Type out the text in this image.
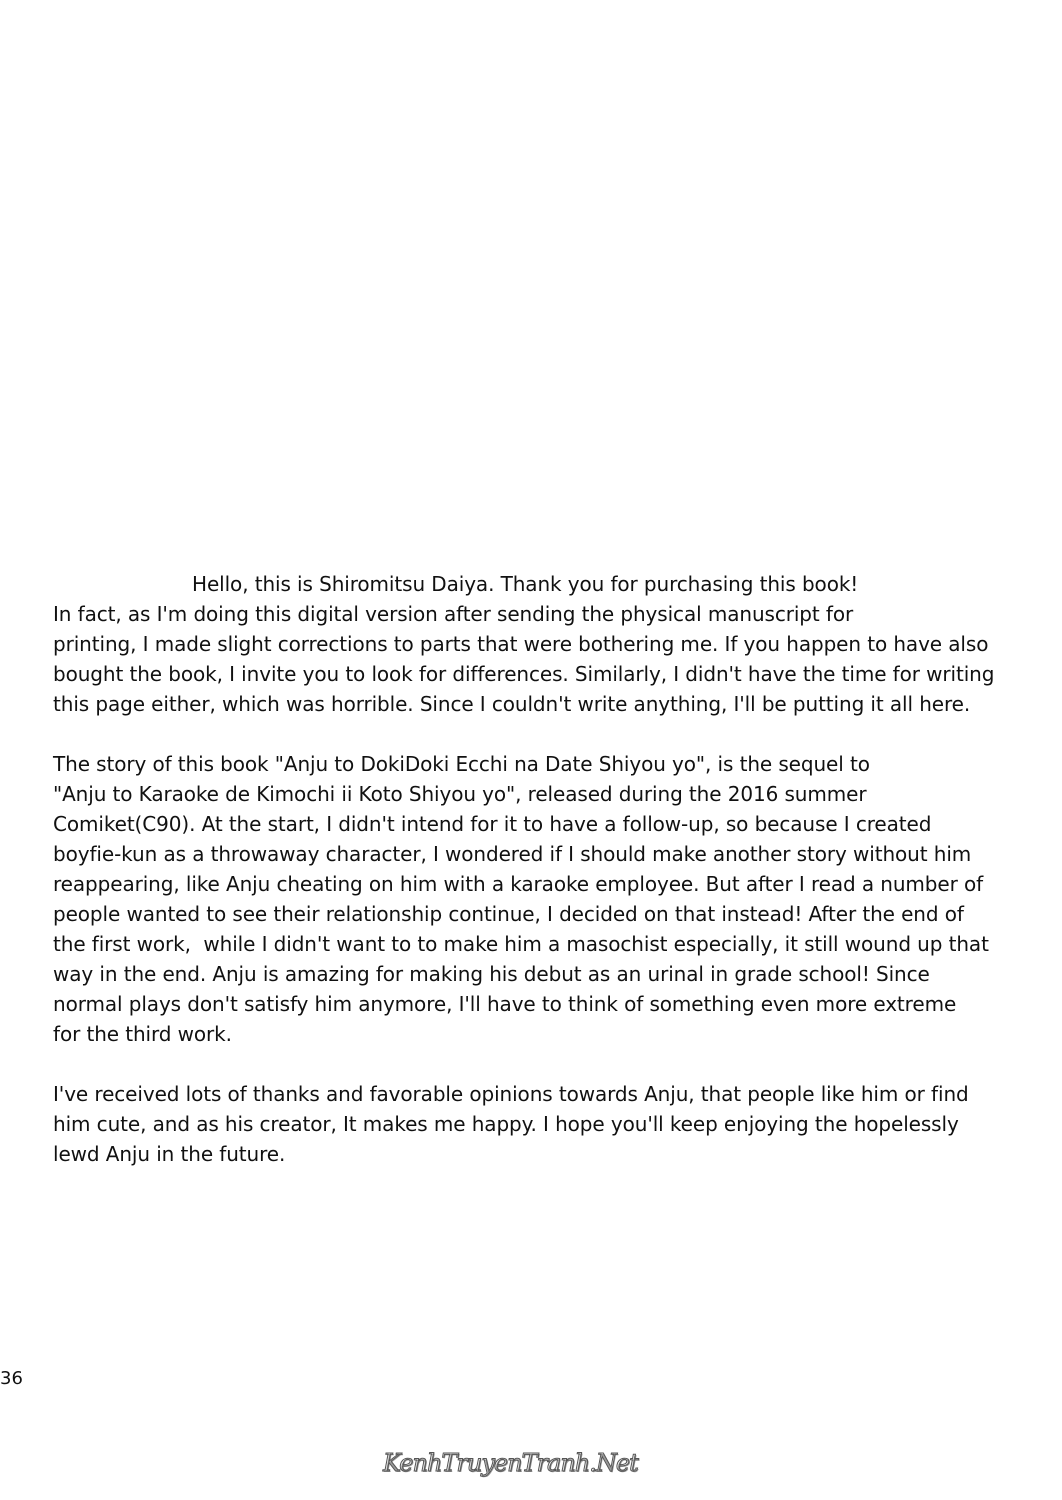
Hello, this is Shiromitsu Daiya. Thank you for purchasing this book!
In fact, as I'm doing this digital version after sending the physical manuscript for
printing, I made slight corrections to parts that were bothering me. If you happen to have also
bought the book, I invite you to look for differences. Similarly, I didn't have the time for writing
this page either, which was horrible. Since I couldn't write anything, I'll be putting it all here.
The story of this book "Anju to DokiDoki Ecchi na Date Shiyou yo", is the sequel to
"Anju to Karaoke de Kimochi ii Koto Shiyou yo", released during the 2016 summer
Comiket(C90). At the start, I didn't intend for it to have a follow-up, so because I created
boyfie-kun as a throwaway character, I wondered if I should make another story without him
reappearing, like Anju cheating on him with a karaoke employee. But after I read a number of
people wanted to see their relationship continue, I decided on that instead! After the end of
the first work,  while I didn't want to to make him a masochist especially, it still wound up that
way in the end. Anju is amazing for making his debut as an urinal in grade school! Since
normal plays don't satisfy him anymore, I'll have to think of something even more extreme
for the third work.
I've received lots of thanks and favorable opinions towards Anju, that people like him or find
him cute, and as his creator, It makes me happy. I hope you'll keep enjoying the hopelessly
lewd Anju in the future.
36
KenhTruyenTranh.Net
